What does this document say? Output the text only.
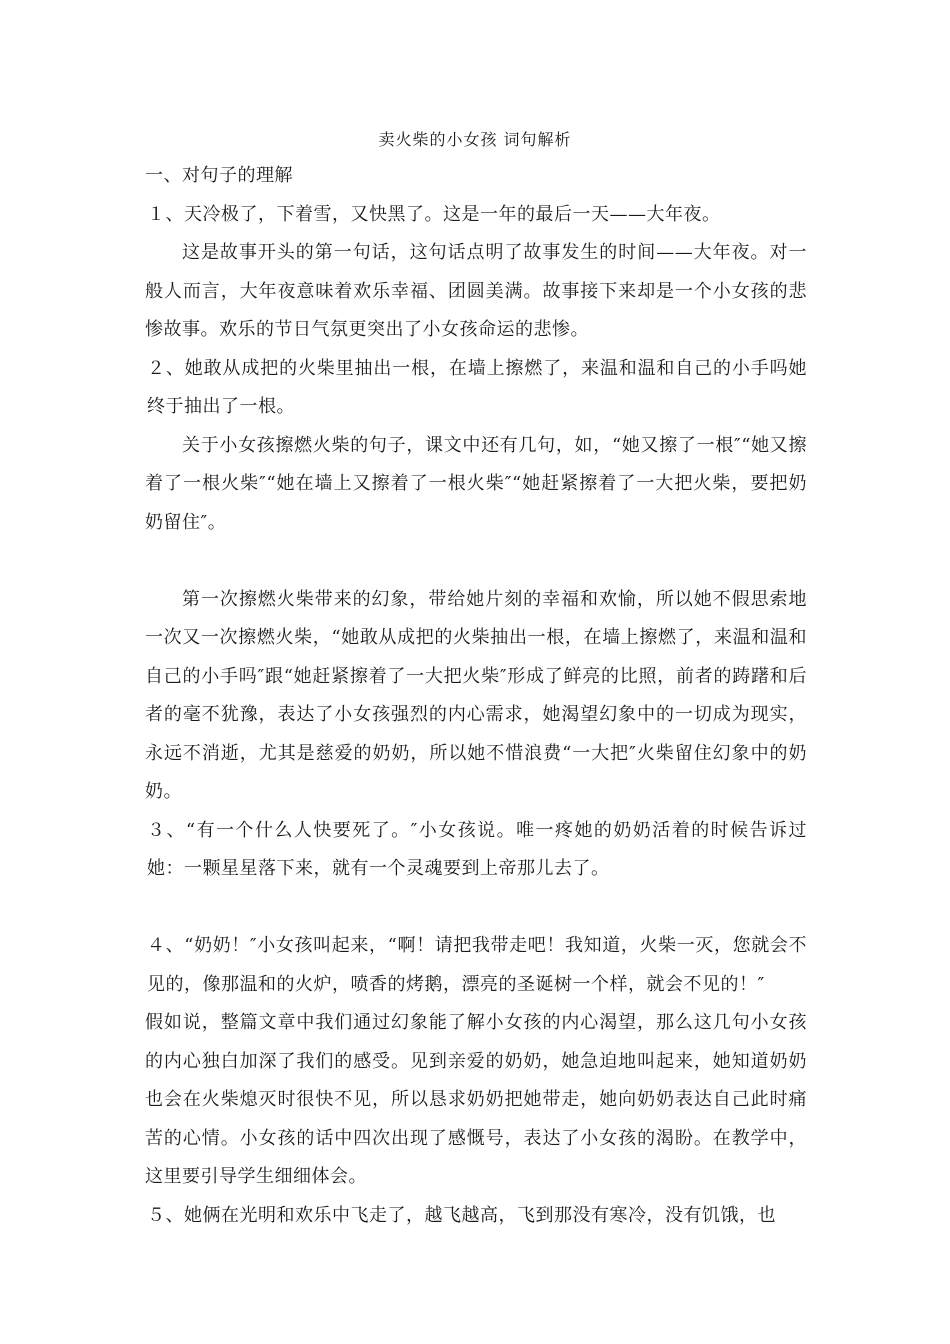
卖火柴的小女孩 词句解析

一、对句子的理解

１、天冷极了，下着雪，又快黑了。这是一年的最后一天——大年夜。

这是故事开头的第一句话，这句话点明了故事发生的时间——大年夜。对一般人而言，大年夜意味着欢乐幸福、团圆美满。故事接下来却是一个小女孩的悲惨故事。欢乐的节日气氛更突出了小女孩命运的悲惨。

２、她敢从成把的火柴里抽出一根，在墙上擦燃了，来温和温和自己的小手吗她终于抽出了一根。

关于小女孩擦燃火柴的句子，课文中还有几句，如，“她又擦了一根″“她又擦着了一根火柴″“她在墙上又擦着了一根火柴″“她赶紧擦着了一大把火柴，要把奶奶留住″。

第一次擦燃火柴带来的幻象，带给她片刻的幸福和欢愉，所以她不假思索地一次又一次擦燃火柴，“她敢从成把的火柴抽出一根，在墙上擦燃了，来温和温和自己的小手吗″跟“她赶紧擦着了一大把火柴″形成了鲜亮的比照，前者的踌躇和后者的毫不犹豫，表达了小女孩强烈的内心需求，她渴望幻象中的一切成为现实，永远不消逝，尤其是慈爱的奶奶，所以她不惜浪费“一大把″火柴留住幻象中的奶奶。

３、“有一个什么人快要死了。″小女孩说。唯一疼她的奶奶活着的时候告诉过她：一颗星星落下来，就有一个灵魂要到上帝那儿去了。

４、“奶奶！″小女孩叫起来，“啊！请把我带走吧！我知道，火柴一灭，您就会不见的，像那温和的火炉，喷香的烤鹅，漂亮的圣诞树一个样，就会不见的！″

假如说，整篇文章中我们通过幻象能了解小女孩的内心渴望，那么这几句小女孩的内心独白加深了我们的感受。见到亲爱的奶奶，她急迫地叫起来，她知道奶奶也会在火柴熄灭时很快不见，所以恳求奶奶把她带走，她向奶奶表达自己此时痛苦的心情。小女孩的话中四次出现了感慨号，表达了小女孩的渴盼。在教学中，这里要引导学生细细体会。

５、她俩在光明和欢乐中飞走了，越飞越高，飞到那没有寒冷，没有饥饿，也
